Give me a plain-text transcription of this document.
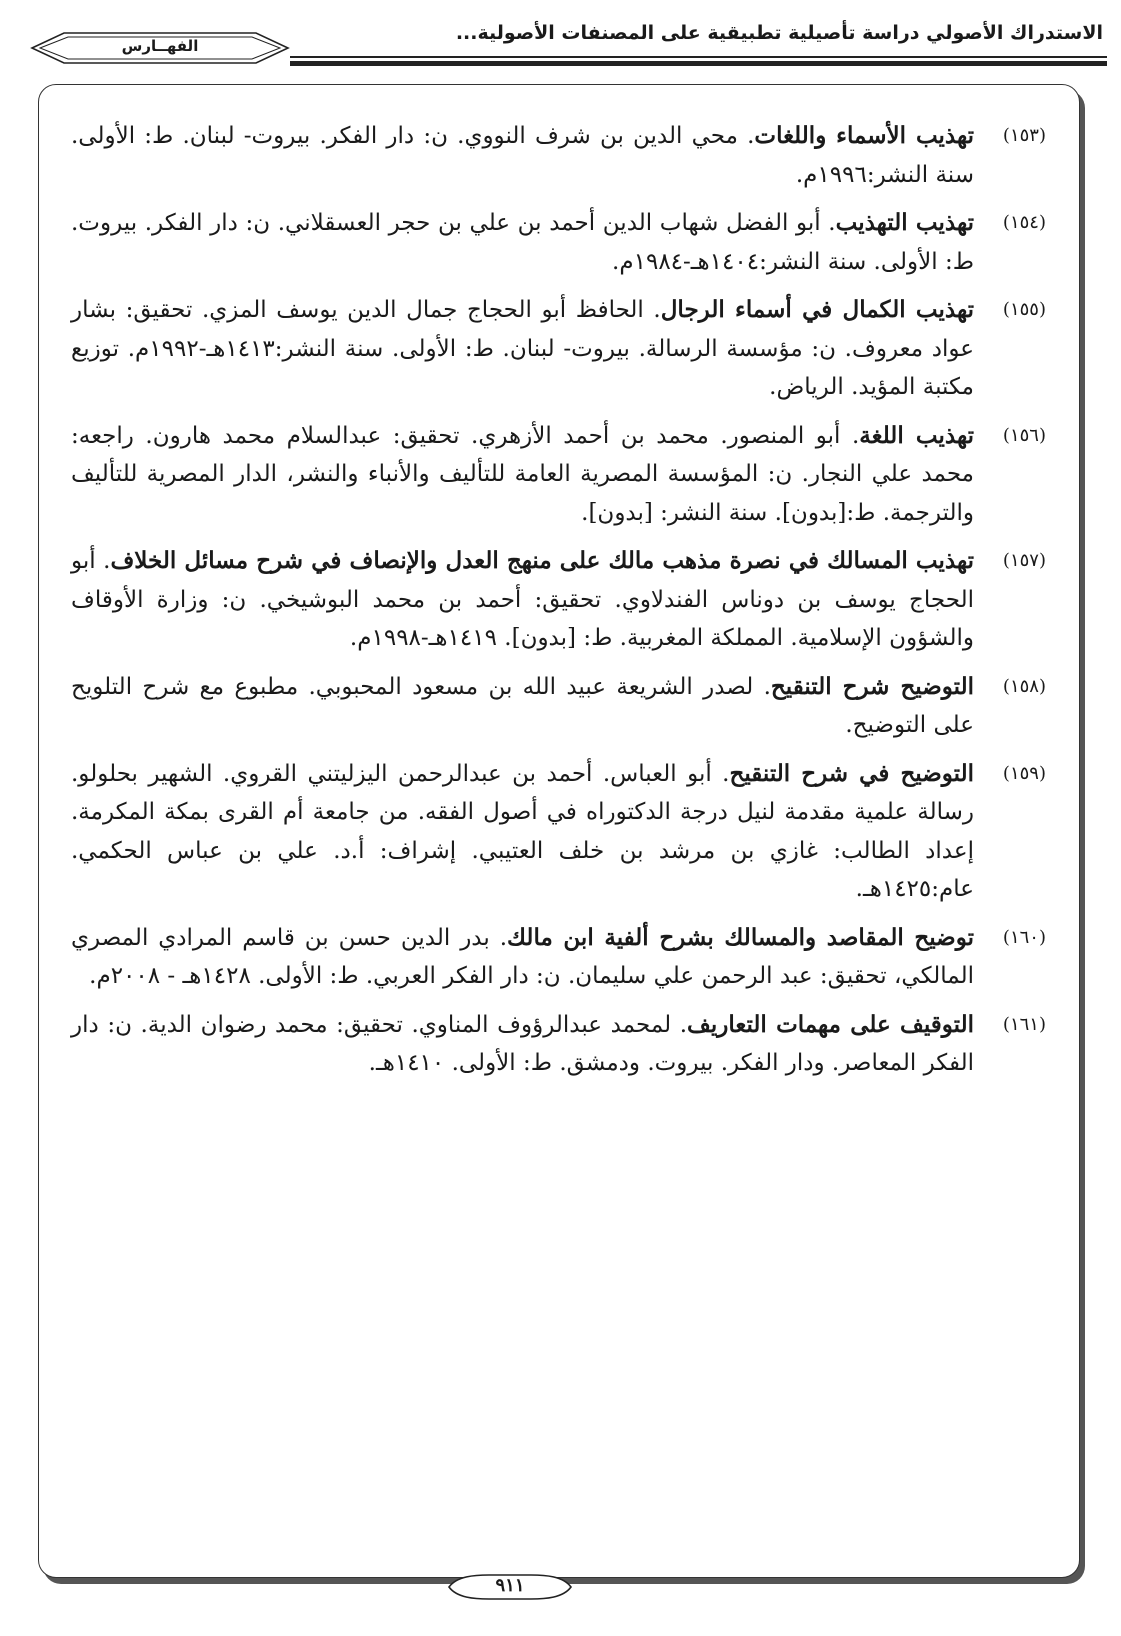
الاستدراك الأصولي دراسة تأصيلية تطبيقية على المصنفات الأصولية...
الفهــارس

(١٥٣)
تهذيب الأسماء واللغات. محي الدين بن شرف النووي. ن: دار الفكر. بيروت- لبنان. ط: الأولى. سنة النشر:١٩٩٦م.

(١٥٤)
تهذيب التهذيب. أبو الفضل شهاب الدين أحمد بن علي بن حجر العسقلاني. ن: دار الفكر. بيروت. ط: الأولى. سنة النشر:١٤٠٤هـ-١٩٨٤م.

(١٥٥)
تهذيب الكمال في أسماء الرجال. الحافظ أبو الحجاج جمال الدين يوسف المزي. تحقيق: بشار عواد معروف. ن: مؤسسة الرسالة. بيروت- لبنان. ط: الأولى. سنة النشر:١٤١٣هـ-١٩٩٢م. توزيع مكتبة المؤيد. الرياض.

(١٥٦)
تهذيب اللغة. أبو المنصور. محمد بن أحمد الأزهري. تحقيق: عبدالسلام محمد هارون. راجعه: محمد علي النجار. ن: المؤسسة المصرية العامة للتأليف والأنباء والنشر، الدار المصرية للتأليف والترجمة. ط:[بدون]. سنة النشر: [بدون].

(١٥٧)
تهذيب المسالك في نصرة مذهب مالك على منهج العدل والإنصاف في شرح مسائل الخلاف. أبو الحجاج يوسف بن دوناس الفندلاوي. تحقيق: أحمد بن محمد البوشيخي. ن: وزارة الأوقاف والشؤون الإسلامية. المملكة المغربية. ط: [بدون]. ١٤١٩هـ-١٩٩٨م.

(١٥٨)
التوضيح شرح التنقيح. لصدر الشريعة عبيد الله بن مسعود المحبوبي. مطبوع مع شرح التلويح على التوضيح.

(١٥٩)
التوضيح في شرح التنقيح. أبو العباس. أحمد بن عبدالرحمن اليزليتني القروي. الشهير بحلولو. رسالة علمية مقدمة لنيل درجة الدكتوراه في أصول الفقه. من جامعة أم القرى بمكة المكرمة. إعداد الطالب: غازي بن مرشد بن خلف العتيبي. إشراف: أ.د. علي بن عباس الحكمي. عام:١٤٢٥هـ.

(١٦٠)
توضيح المقاصد والمسالك بشرح ألفية ابن مالك. بدر الدين حسن بن قاسم المرادي المصري المالكي، تحقيق: عبد الرحمن علي سليمان. ن: دار الفكر العربي. ط: الأولى. ١٤٢٨هـ - ٢٠٠٨م.

(١٦١)
التوقيف على مهمات التعاريف. لمحمد عبدالرؤوف المناوي. تحقيق: محمد رضوان الدية. ن: دار الفكر المعاصر. ودار الفكر. بيروت. ودمشق. ط: الأولى. ١٤١٠هـ.

٩١١
